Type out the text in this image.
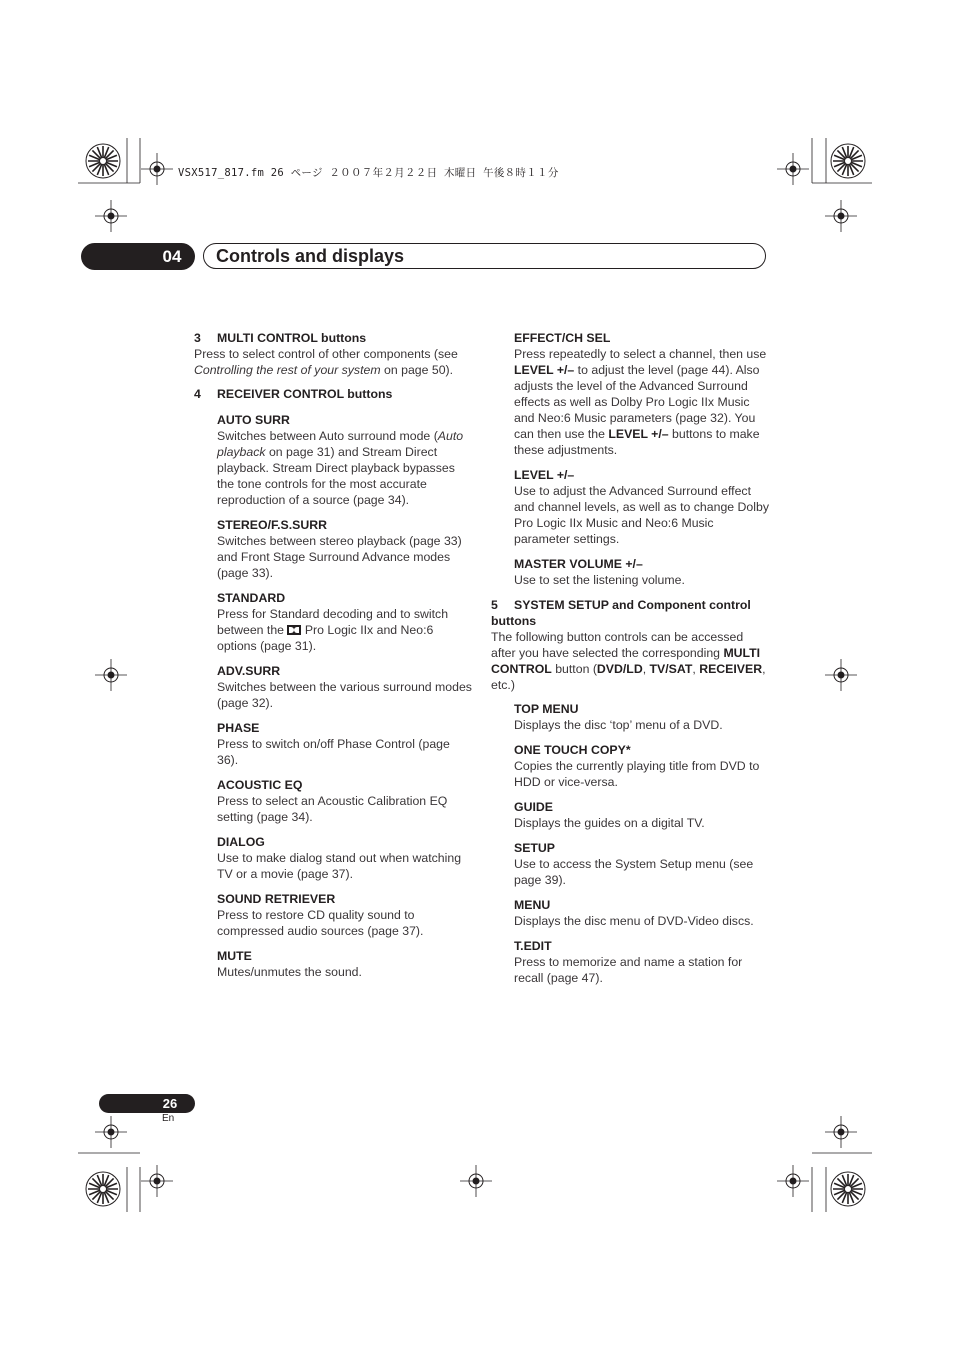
VSX517_817.fm 26 ページ ２００７年２月２２日 木曜日 午後８時１１分
04	Controls and displays

3 MULTI CONTROL buttons

Press to select control of other components (see Controlling the rest of your system on page 50).

4 RECEIVER CONTROL buttons

AUTO SURR
Switches between Auto surround mode (Auto playback on page 31) and Stream Direct playback. Stream Direct playback bypasses the tone controls for the most accurate reproduction of a source (page 34).
STEREO/F.S.SURR
Switches between stereo playback (page 33) and Front Stage Surround Advance modes (page 33).
STANDARD
Press for Standard decoding and to switch between the  Pro Logic IIx and Neo:6 options (page 31).
ADV.SURR
Switches between the various surround modes (page 32).
PHASE
Press to switch on/off Phase Control (page 36).
ACOUSTIC EQ
Press to select an Acoustic Calibration EQ setting (page 34).
DIALOG
Use to make dialog stand out when watching TV or a movie (page 37).
SOUND RETRIEVER
Press to restore CD quality sound to compressed audio sources (page 37).
MUTE
Mutes/unmutes the sound.
EFFECT/CH SEL
Press repeatedly to select a channel, then use LEVEL +/– to adjust the level (page 44). Also adjusts the level of the Advanced Surround effects as well as Dolby Pro Logic IIx Music and Neo:6 Music parameters (page 32). You can then use the LEVEL +/– buttons to make these adjustments.
LEVEL +/–
Use to adjust the Advanced Surround effect and channel levels, as well as to change Dolby Pro Logic IIx Music and Neo:6 Music parameter settings.
MASTER VOLUME +/–
Use to set the listening volume.

5 SYSTEM SETUP and Component control buttons

The following button controls can be accessed after you have selected the corresponding MULTI CONTROL button (DVD/LD, TV/SAT, RECEIVER, etc.)

TOP MENU
Displays the disc ‘top’ menu of a DVD.
ONE TOUCH COPY*
Copies the currently playing title from DVD to HDD or vice-versa.
GUIDE
Displays the guides on a digital TV.
SETUP
Use to access the System Setup menu (see page 39).
MENU
Displays the disc menu of DVD-Video discs.
T.EDIT
Press to memorize and name a station for recall (page 47).
26
En
